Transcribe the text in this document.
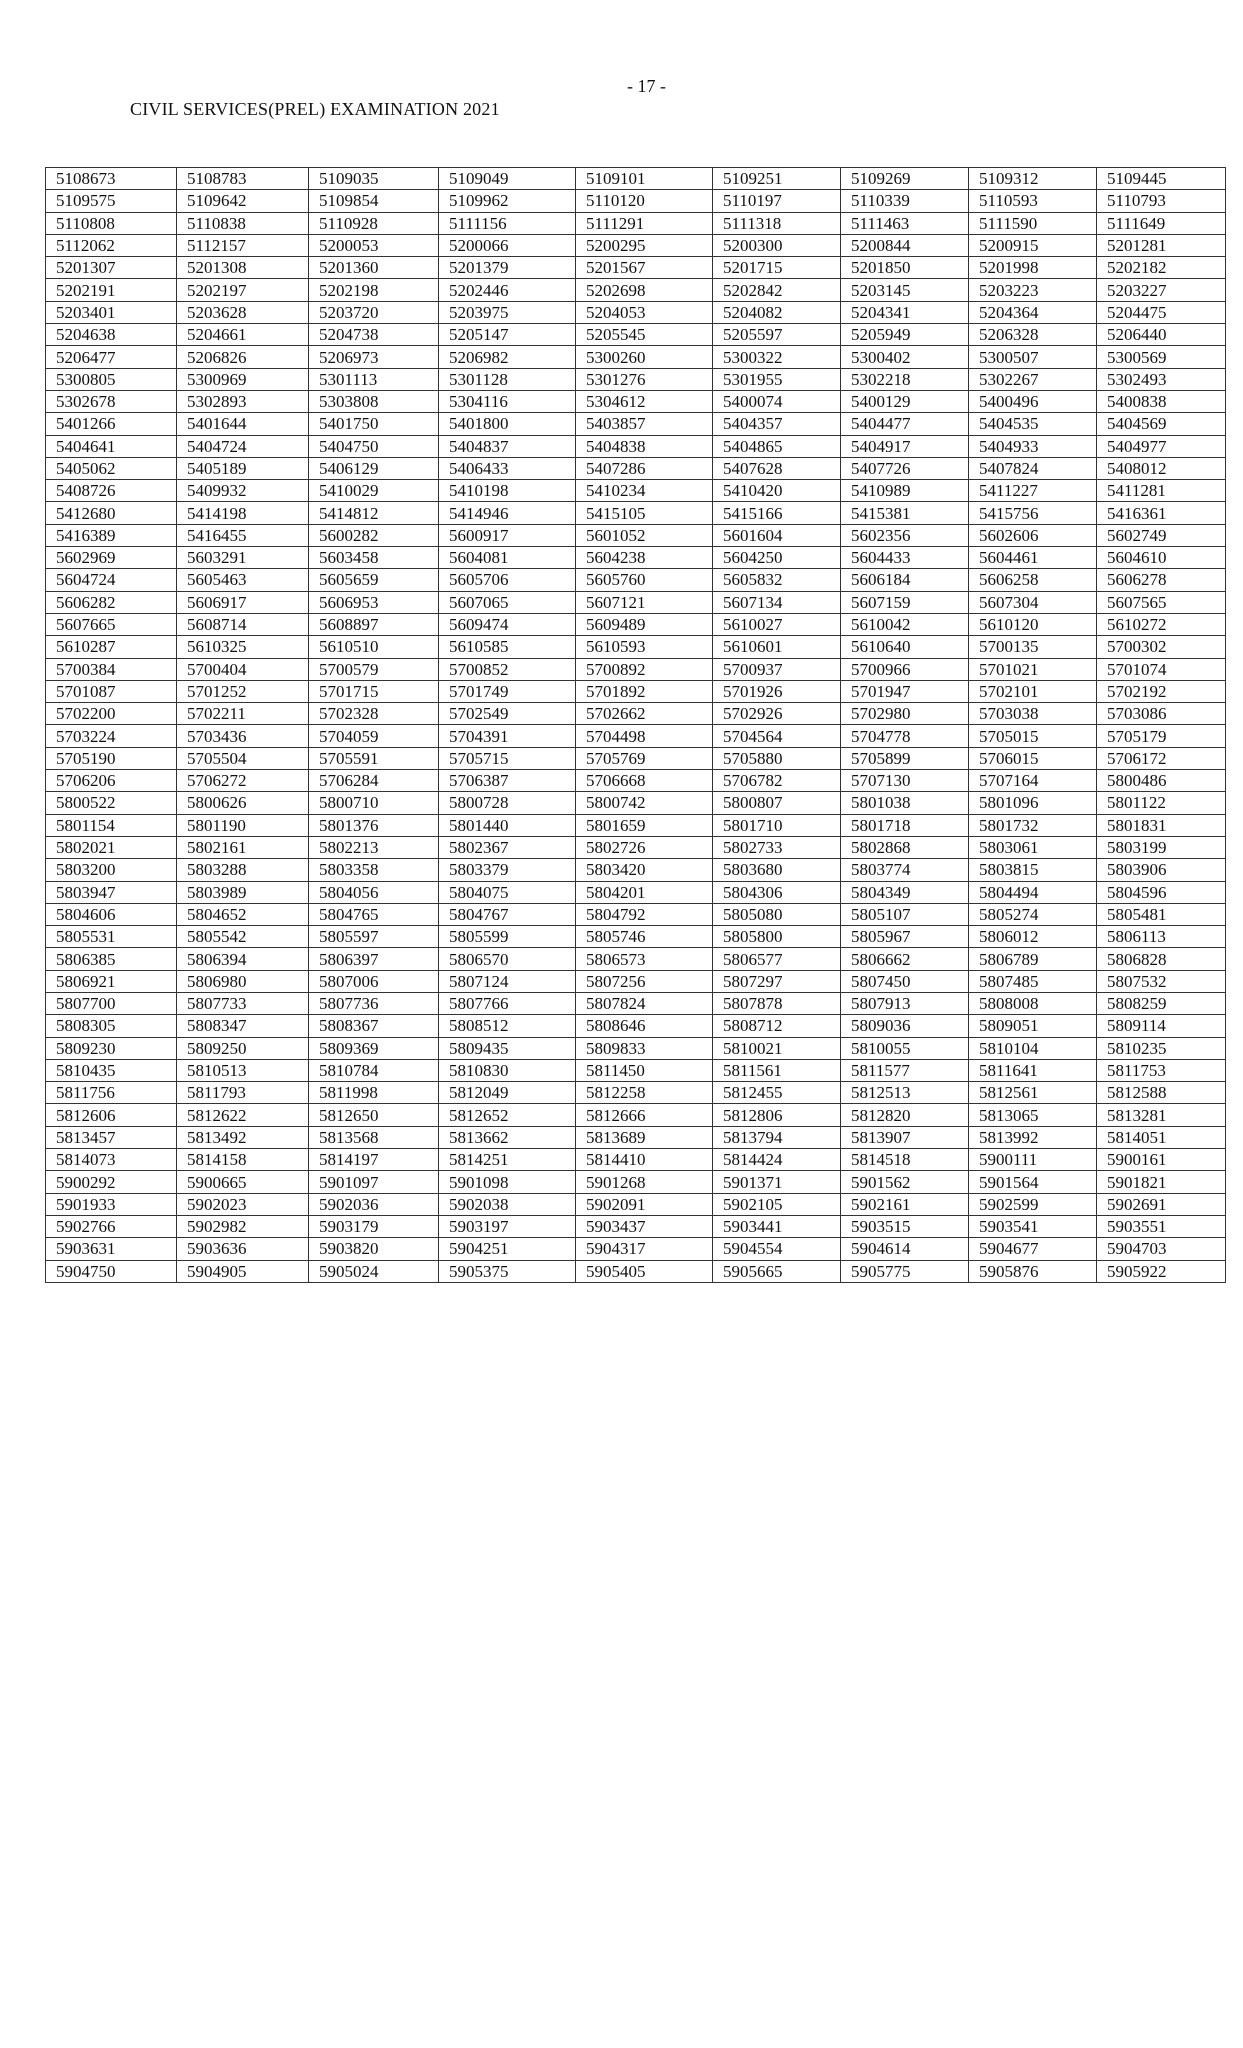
- 17 -
CIVIL SERVICES(PREL) EXAMINATION 2021
5108673	5108783	5109035	5109049	5109101	5109251	5109269	5109312	5109445
5109575	5109642	5109854	5109962	5110120	5110197	5110339	5110593	5110793
5110808	5110838	5110928	5111156	5111291	5111318	5111463	5111590	5111649
5112062	5112157	5200053	5200066	5200295	5200300	5200844	5200915	5201281
5201307	5201308	5201360	5201379	5201567	5201715	5201850	5201998	5202182
5202191	5202197	5202198	5202446	5202698	5202842	5203145	5203223	5203227
5203401	5203628	5203720	5203975	5204053	5204082	5204341	5204364	5204475
5204638	5204661	5204738	5205147	5205545	5205597	5205949	5206328	5206440
5206477	5206826	5206973	5206982	5300260	5300322	5300402	5300507	5300569
5300805	5300969	5301113	5301128	5301276	5301955	5302218	5302267	5302493
5302678	5302893	5303808	5304116	5304612	5400074	5400129	5400496	5400838
5401266	5401644	5401750	5401800	5403857	5404357	5404477	5404535	5404569
5404641	5404724	5404750	5404837	5404838	5404865	5404917	5404933	5404977
5405062	5405189	5406129	5406433	5407286	5407628	5407726	5407824	5408012
5408726	5409932	5410029	5410198	5410234	5410420	5410989	5411227	5411281
5412680	5414198	5414812	5414946	5415105	5415166	5415381	5415756	5416361
5416389	5416455	5600282	5600917	5601052	5601604	5602356	5602606	5602749
5602969	5603291	5603458	5604081	5604238	5604250	5604433	5604461	5604610
5604724	5605463	5605659	5605706	5605760	5605832	5606184	5606258	5606278
5606282	5606917	5606953	5607065	5607121	5607134	5607159	5607304	5607565
5607665	5608714	5608897	5609474	5609489	5610027	5610042	5610120	5610272
5610287	5610325	5610510	5610585	5610593	5610601	5610640	5700135	5700302
5700384	5700404	5700579	5700852	5700892	5700937	5700966	5701021	5701074
5701087	5701252	5701715	5701749	5701892	5701926	5701947	5702101	5702192
5702200	5702211	5702328	5702549	5702662	5702926	5702980	5703038	5703086
5703224	5703436	5704059	5704391	5704498	5704564	5704778	5705015	5705179
5705190	5705504	5705591	5705715	5705769	5705880	5705899	5706015	5706172
5706206	5706272	5706284	5706387	5706668	5706782	5707130	5707164	5800486
5800522	5800626	5800710	5800728	5800742	5800807	5801038	5801096	5801122
5801154	5801190	5801376	5801440	5801659	5801710	5801718	5801732	5801831
5802021	5802161	5802213	5802367	5802726	5802733	5802868	5803061	5803199
5803200	5803288	5803358	5803379	5803420	5803680	5803774	5803815	5803906
5803947	5803989	5804056	5804075	5804201	5804306	5804349	5804494	5804596
5804606	5804652	5804765	5804767	5804792	5805080	5805107	5805274	5805481
5805531	5805542	5805597	5805599	5805746	5805800	5805967	5806012	5806113
5806385	5806394	5806397	5806570	5806573	5806577	5806662	5806789	5806828
5806921	5806980	5807006	5807124	5807256	5807297	5807450	5807485	5807532
5807700	5807733	5807736	5807766	5807824	5807878	5807913	5808008	5808259
5808305	5808347	5808367	5808512	5808646	5808712	5809036	5809051	5809114
5809230	5809250	5809369	5809435	5809833	5810021	5810055	5810104	5810235
5810435	5810513	5810784	5810830	5811450	5811561	5811577	5811641	5811753
5811756	5811793	5811998	5812049	5812258	5812455	5812513	5812561	5812588
5812606	5812622	5812650	5812652	5812666	5812806	5812820	5813065	5813281
5813457	5813492	5813568	5813662	5813689	5813794	5813907	5813992	5814051
5814073	5814158	5814197	5814251	5814410	5814424	5814518	5900111	5900161
5900292	5900665	5901097	5901098	5901268	5901371	5901562	5901564	5901821
5901933	5902023	5902036	5902038	5902091	5902105	5902161	5902599	5902691
5902766	5902982	5903179	5903197	5903437	5903441	5903515	5903541	5903551
5903631	5903636	5903820	5904251	5904317	5904554	5904614	5904677	5904703
5904750	5904905	5905024	5905375	5905405	5905665	5905775	5905876	5905922
